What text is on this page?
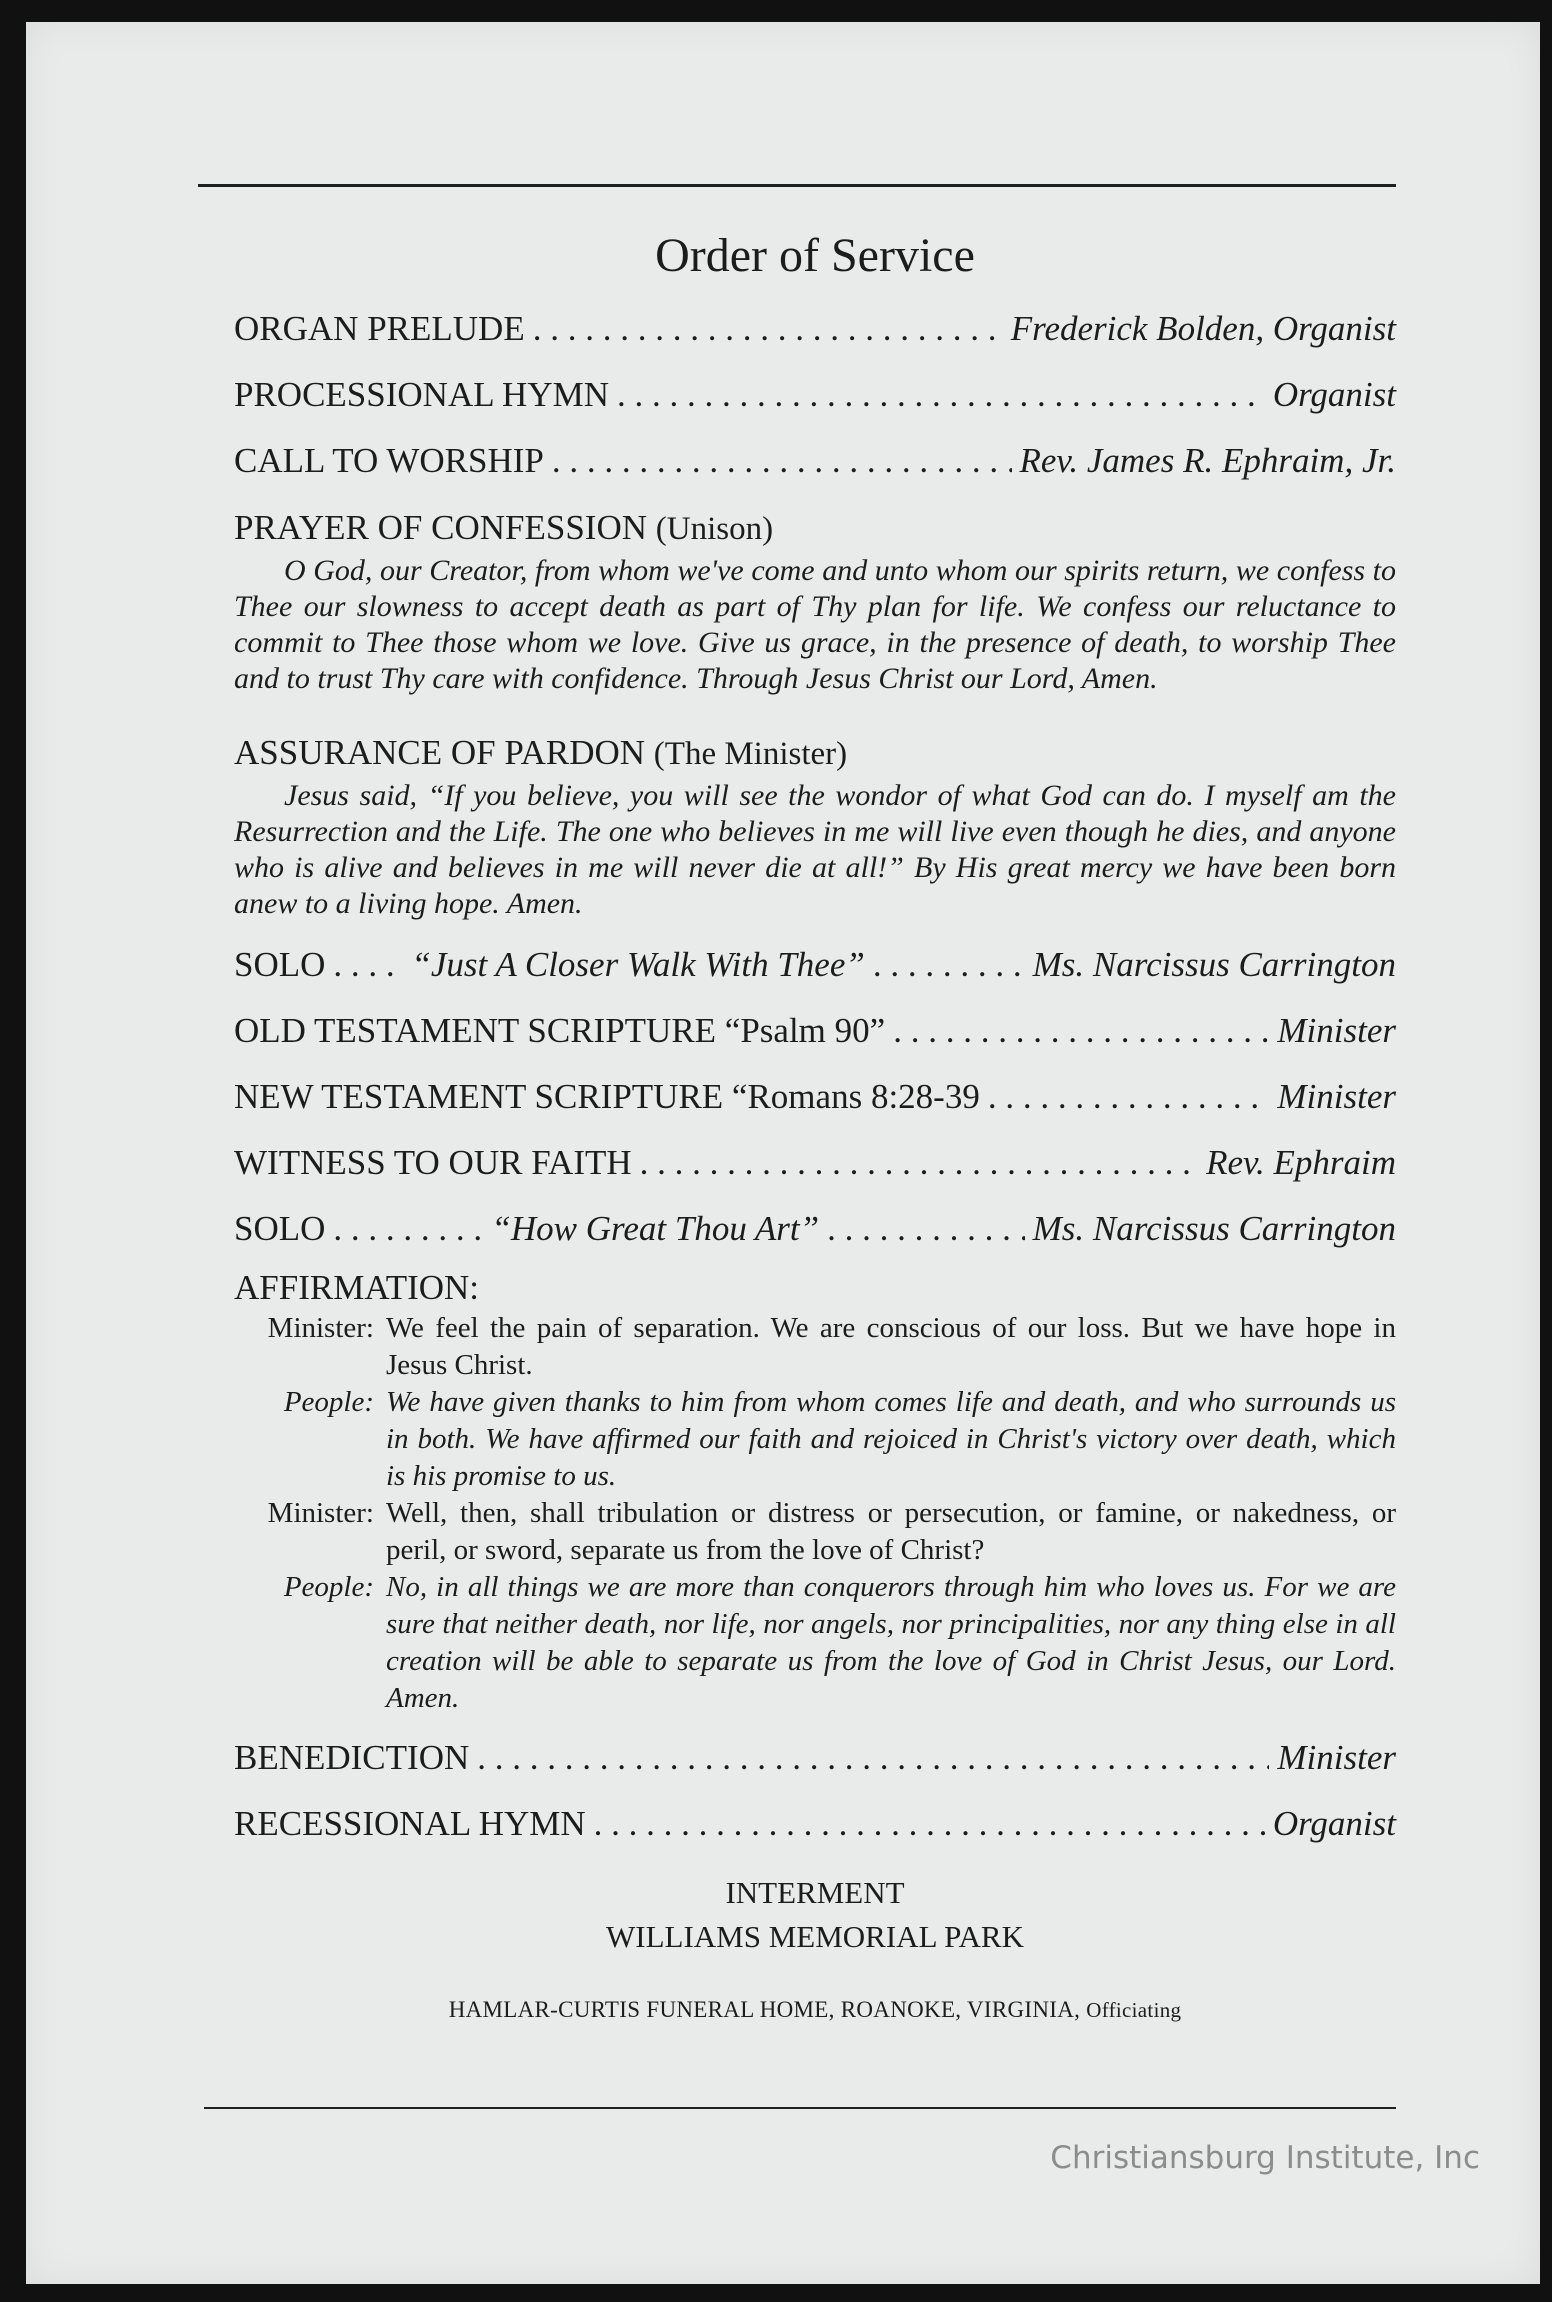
Order of Service
ORGAN PRELUDE . . .	Frederick Bolden, Organist
PROCESSIONAL HYMN . . .	Organist
CALL TO WORSHIP . . .	Rev. James R. Ephraim, Jr.
PRAYER OF CONFESSION (Unison)
O God, our Creator, from whom we've come and unto whom our spirits return, we confess to Thee our slowness to accept death as part of Thy plan for life. We confess our reluctance to commit to Thee those whom we love. Give us grace, in the presence of death, to worship Thee and to trust Thy care with confidence. Through Jesus Christ our Lord, Amen.
ASSURANCE OF PARDON (The Minister)
Jesus said, “If you believe, you will see the wondor of what God can do. I myself am the Resurrection and the Life. The one who believes in me will live even though he dies, and anyone who is alive and believes in me will never die at all!” By His great mercy we have been born anew to a living hope. Amen.
SOLO . . . “Just A Closer Walk With Thee” . . .	Ms. Narcissus Carrington
OLD TESTAMENT SCRIPTURE “Psalm 90” . . .	Minister
NEW TESTAMENT SCRIPTURE “Romans 8:28-39 . . .	Minister
WITNESS TO OUR FAITH . . .	Rev. Ephraim
SOLO . . .	“How Great Thou Art” . . .	Ms. Narcissus Carrington
AFFIRMATION:
Minister: We feel the pain of separation. We are conscious of our loss. But we have hope in Jesus Christ.
People: We have given thanks to him from whom comes life and death, and who surrounds us in both. We have affirmed our faith and rejoiced in Christ's victory over death, which is his promise to us.
Minister: Well, then, shall tribulation or distress or persecution, or famine, or nakedness, or peril, or sword, separate us from the love of Christ?
People: No, in all things we are more than conquerors through him who loves us. For we are sure that neither death, nor life, nor angels, nor principalities, nor any thing else in all creation will be able to separate us from the love of God in Christ Jesus, our Lord. Amen.
BENEDICTION . . .	Minister
RECESSIONAL HYMN . . .	Organist
INTERMENT
WILLIAMS MEMORIAL PARK
HAMLAR-CURTIS FUNERAL HOME, ROANOKE, VIRGINIA, Officiating
Christiansburg Institute, Inc
